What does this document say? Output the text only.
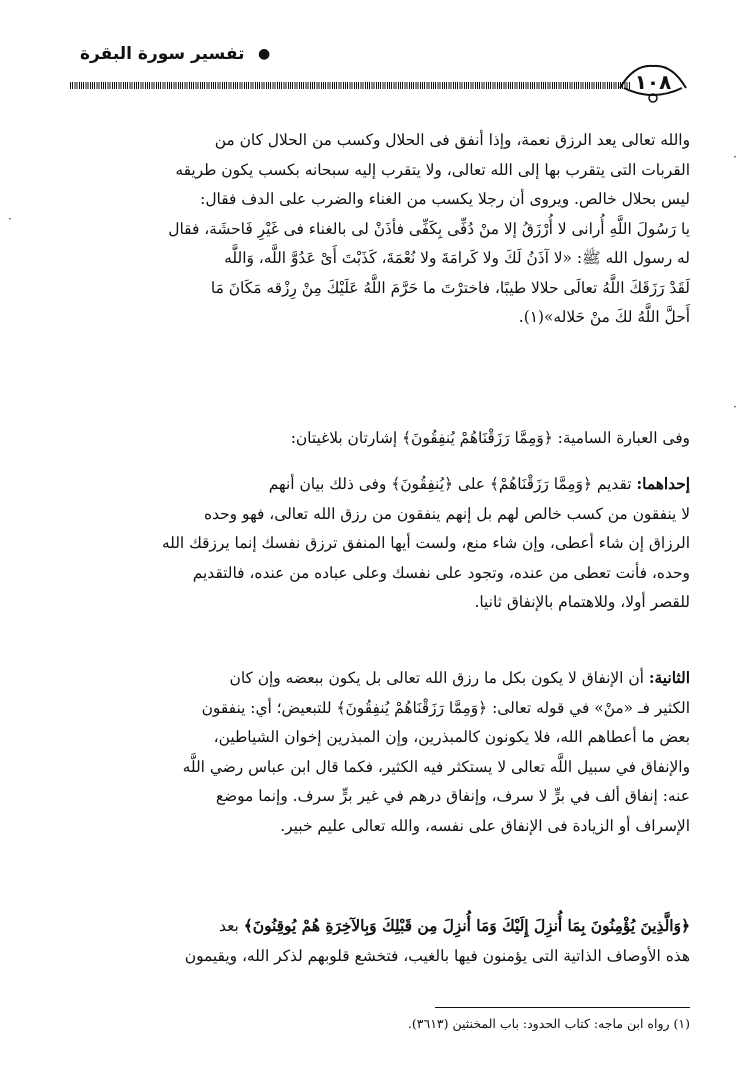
تفسير سورة البقرة ●
١٠٨
والله تعالى يعد الرزق نعمة، وإذا أنفق فى الحلال وكسب من الحلال كان من
القربات التى يتقرب بها إلى الله تعالى، ولا يتقرب إليه سبحانه بكسب يكون طريقه
ليس بحلال خالص. ويروى أن رجلا يكسب من الغناء والضرب على الدف فقال:
يا رَسُولَ اللَّهِ أُرانى لا أُرْزَقُ إلا منْ دُفِّى بِكَفِّى فأذَنْ لى بالغناء فى غَيْرِ فَاحشَة، فقال
له رسول الله ﷺ: «لا آذَنُ لَكَ ولا كَرامَةَ ولا نُعْمَةَ، كَذَبْتَ أَىْ عَدُوَّ اللَّه، وَاللَّه
لَقَدْ رَزَقَكَ اللَّهُ تعالَى حلالا طيبًا، فاخترْتَ ما حَرَّمَ اللَّهُ عَلَيْكَ مِنْ رِزْقه مَكَانَ مَا
أَحلَّ اللَّهُ لكَ منْ حَلاله»(١).
وفى العبارة السامية: ﴿وَمِمَّا رَزَقْنَاهُمْ يُنفِقُونَ﴾ إشارتان بلاغيتان:
إحداهما: تقديم ﴿وَمِمَّا رَزَقْنَاهُمْ﴾ على ﴿يُنفِقُونَ﴾ وفى ذلك بيان أنهم
لا ينفقون من كسب خالص لهم بل إنهم ينفقون من رزق الله تعالى، فهو وحده
الرزاق إن شاء أعطى، وإن شاء منع، ولست أيها المنفق ترزق نفسك إنما يرزقك الله
وحده، فأنت تعطى من عنده، وتجود على نفسك وعلى عباده من عنده، فالتقديم
للقصر أولا، وللاهتمام بالإنفاق ثانيا.
الثانية: أن الإنفاق لا يكون بكل ما رزق الله تعالى بل يكون ببعضه وإن كان
الكثير فـ «منْ» في قوله تعالى: ﴿وَمِمَّا رَزَقْنَاهُمْ يُنفِقُونَ﴾ للتبعيض؛ أي: ينفقون
بعض ما أعطاهم الله، فلا يكونون كالمبذرين، وإن المبذرين إخوان الشياطين،
والإنفاق في سبيل اللَّه تعالى لا يستكثر فيه الكثير، فكما قال ابن عباس رضي اللَّه
عنه: إنفاق ألف في برٍّ لا سرف، وإنفاق درهم في غير برٍّ سرف. وإنما موضع
الإسراف أو الزيادة فى الإنفاق على نفسه، والله تعالى عليم خبير.
﴿وَالَّذِينَ يُؤْمِنُونَ بِمَا أُنزِلَ إِلَيْكَ وَمَا أُنزِلَ مِن قَبْلِكَ وَبِالآخِرَةِ هُمْ يُوقِنُونَ﴾ بعد
هذه الأوصاف الذاتية التى يؤمنون فيها بالغيب، فتخشع قلوبهم لذكر الله، ويقيمون
(١) رواه ابن ماجه: كتاب الحدود: باب المخنثين (٣٦١٣).
·
·
·
